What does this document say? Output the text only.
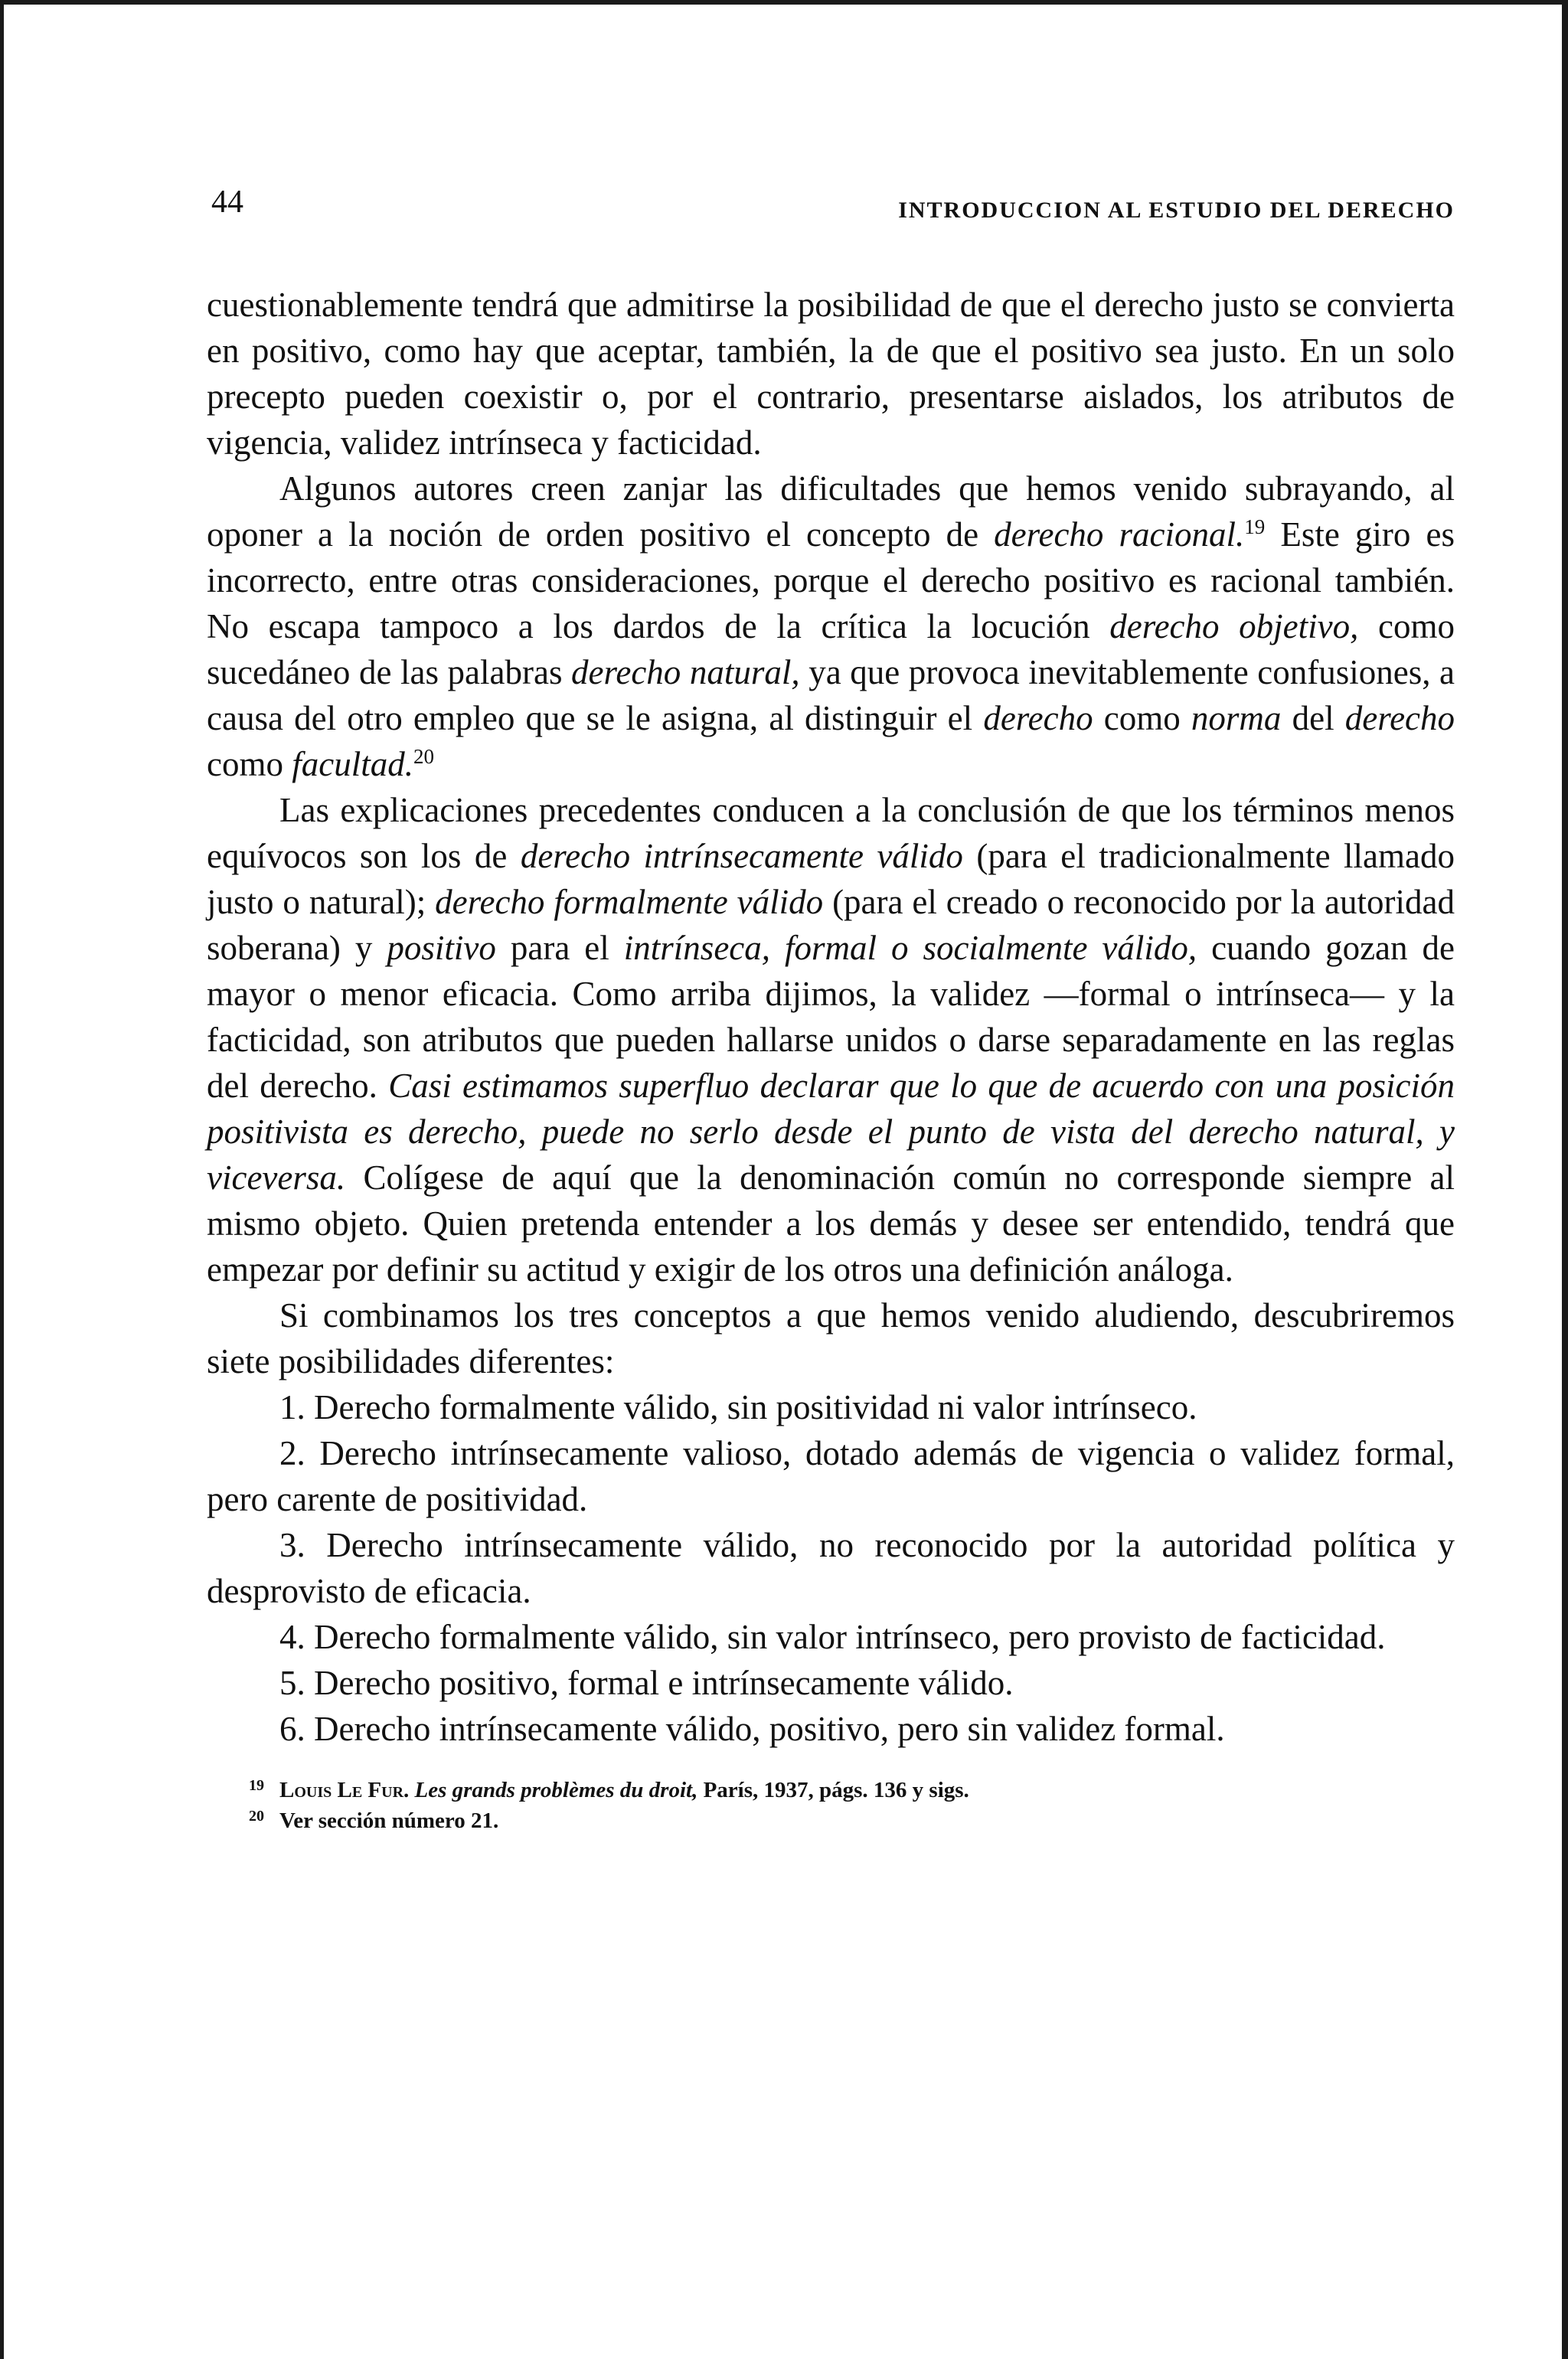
44	INTRODUCCION AL ESTUDIO DEL DERECHO

cuestionablemente tendrá que admitirse la posibilidad de que el derecho justo se convierta en positivo, como hay que aceptar, también, la de que el positivo sea justo. En un solo precepto pueden coexistir o, por el contrario, presentarse aislados, los atributos de vigencia, validez intrínseca y facticidad.

Algunos autores creen zanjar las dificultades que hemos venido subrayando, al oponer a la noción de orden positivo el concepto de derecho racional.$^{19}$ Este giro es incorrecto, entre otras consideraciones, porque el derecho positivo es racional también. No escapa tampoco a los dardos de la crítica la locución derecho objetivo, como sucedáneo de las palabras derecho natural, ya que provoca inevitablemente confusiones, a causa del otro empleo que se le asigna, al distinguir el derecho como norma del derecho como facultad.$^{20}$

Las explicaciones precedentes conducen a la conclusión de que los términos menos equívocos son los de derecho intrínsecamente válido (para el tradicionalmente llamado justo o natural); derecho formalmente válido (para el creado o reconocido por la autoridad soberana) y positivo para el intrínseca, formal o socialmente válido, cuando gozan de mayor o menor eficacia. Como arriba dijimos, la validez —formal o intrínseca— y la facticidad, son atributos que pueden hallarse unidos o darse separadamente en las reglas del derecho. Casi estimamos superfluo declarar que lo que de acuerdo con una posición positivista es derecho, puede no serlo desde el punto de vista del derecho natural, y viceversa. Colígese de aquí que la denominación común no corresponde siempre al mismo objeto. Quien pretenda entender a los demás y desee ser entendido, tendrá que empezar por definir su actitud y exigir de los otros una definición análoga.

Si combinamos los tres conceptos a que hemos venido aludiendo, descubriremos siete posibilidades diferentes:

1. Derecho formalmente válido, sin positividad ni valor intrínseco.

2. Derecho intrínsecamente valioso, dotado además de vigencia o validez formal, pero carente de positividad.

3. Derecho intrínsecamente válido, no reconocido por la autoridad política y desprovisto de eficacia.

4. Derecho formalmente válido, sin valor intrínseco, pero provisto de facticidad.

5. Derecho positivo, formal e intrínsecamente válido.

6. Derecho intrínsecamente válido, positivo, pero sin validez formal.

19 Louis Le Fur. Les grands problèmes du droit, París, 1937, págs. 136 y sigs.
20 Ver sección número 21.
